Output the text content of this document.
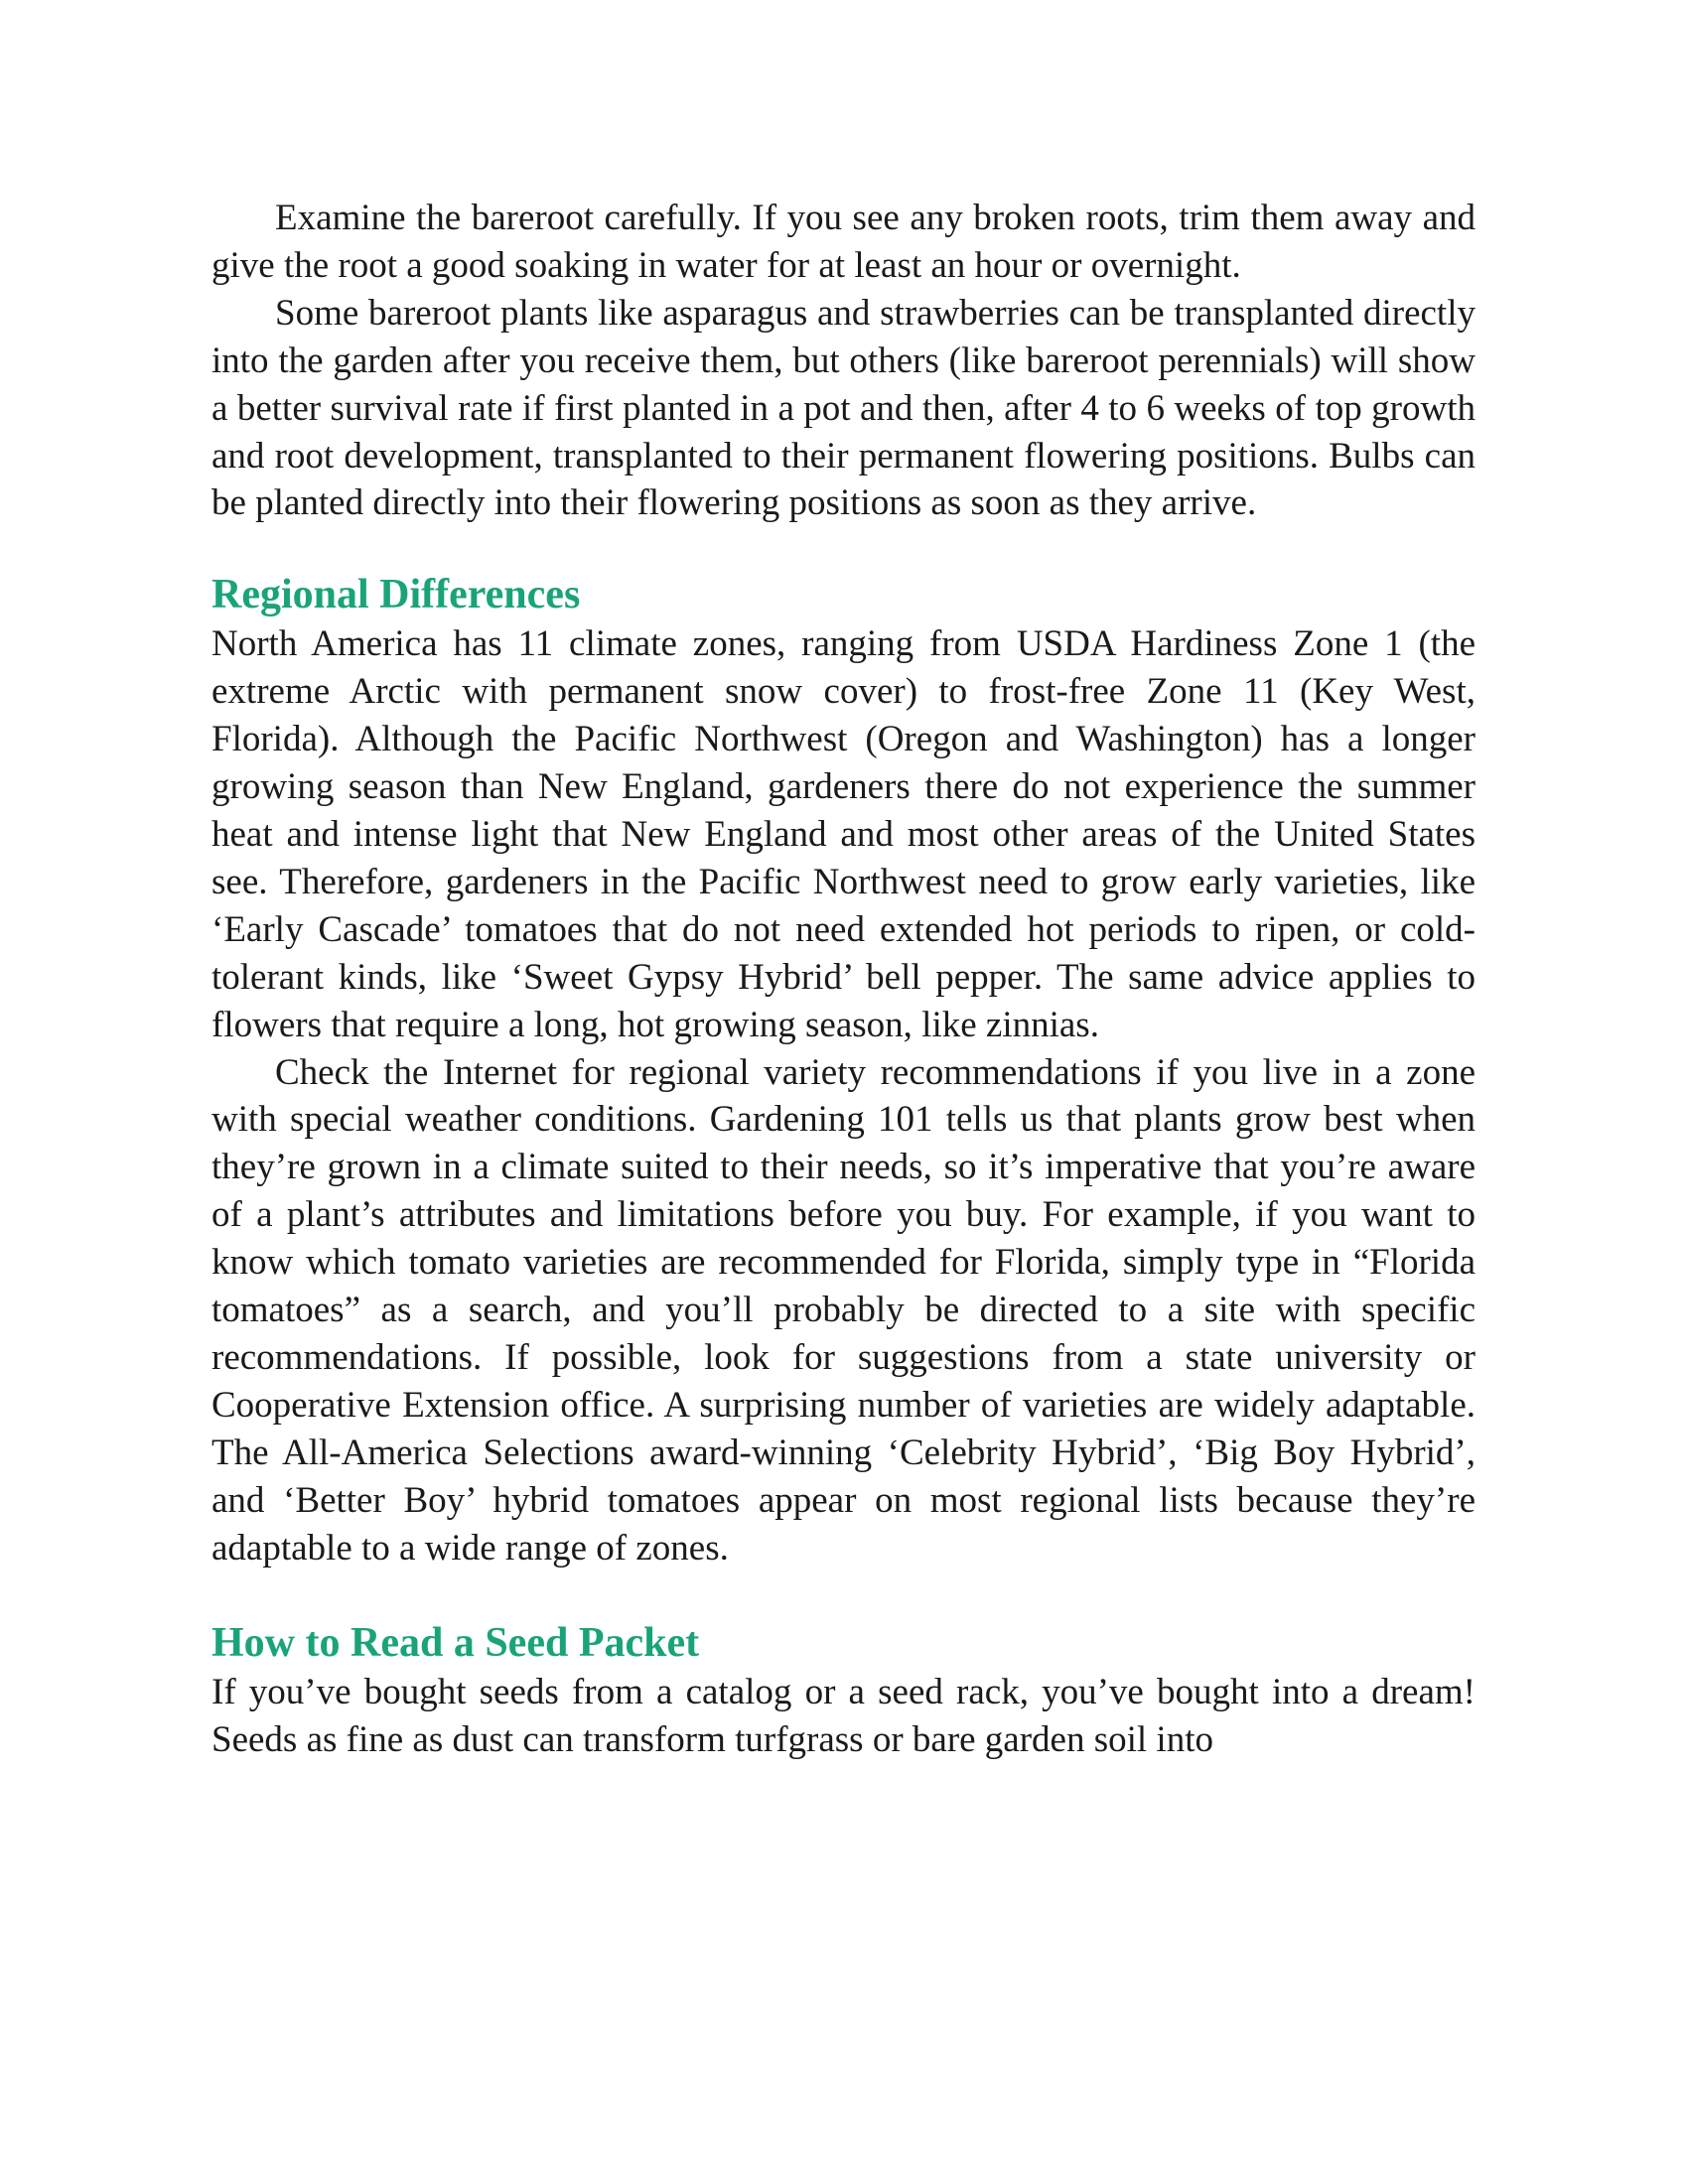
Examine the bareroot carefully. If you see any broken roots, trim them away and give the root a good soaking in water for at least an hour or overnight.

Some bareroot plants like asparagus and strawberries can be transplanted directly into the garden after you receive them, but others (like bareroot perennials) will show a better survival rate if first planted in a pot and then, after 4 to 6 weeks of top growth and root development, transplanted to their permanent flowering positions. Bulbs can be planted directly into their flowering positions as soon as they arrive.

Regional Differences

North America has 11 climate zones, ranging from USDA Hardiness Zone 1 (the extreme Arctic with permanent snow cover) to frost-free Zone 11 (Key West, Florida). Although the Pacific Northwest (Oregon and Washington) has a longer growing season than New England, gardeners there do not experience the summer heat and intense light that New England and most other areas of the United States see. Therefore, gardeners in the Pacific Northwest need to grow early varieties, like ‘Early Cascade’ tomatoes that do not need extended hot periods to ripen, or cold-tolerant kinds, like ‘Sweet Gypsy Hybrid’ bell pepper. The same advice applies to flowers that require a long, hot growing season, like zinnias.

Check the Internet for regional variety recommendations if you live in a zone with special weather conditions. Gardening 101 tells us that plants grow best when they’re grown in a climate suited to their needs, so it’s imperative that you’re aware of a plant’s attributes and limitations before you buy. For example, if you want to know which tomato varieties are recommended for Florida, simply type in “Florida tomatoes” as a search, and you’ll probably be directed to a site with specific recommendations. If possible, look for suggestions from a state university or Cooperative Extension office. A surprising number of varieties are widely adaptable. The All-America Selections award-winning ‘Celebrity Hybrid’, ‘Big Boy Hybrid’, and ‘Better Boy’ hybrid tomatoes appear on most regional lists because they’re adaptable to a wide range of zones.

How to Read a Seed Packet

If you’ve bought seeds from a catalog or a seed rack, you’ve bought into a dream! Seeds as fine as dust can transform turfgrass or bare garden soil into
